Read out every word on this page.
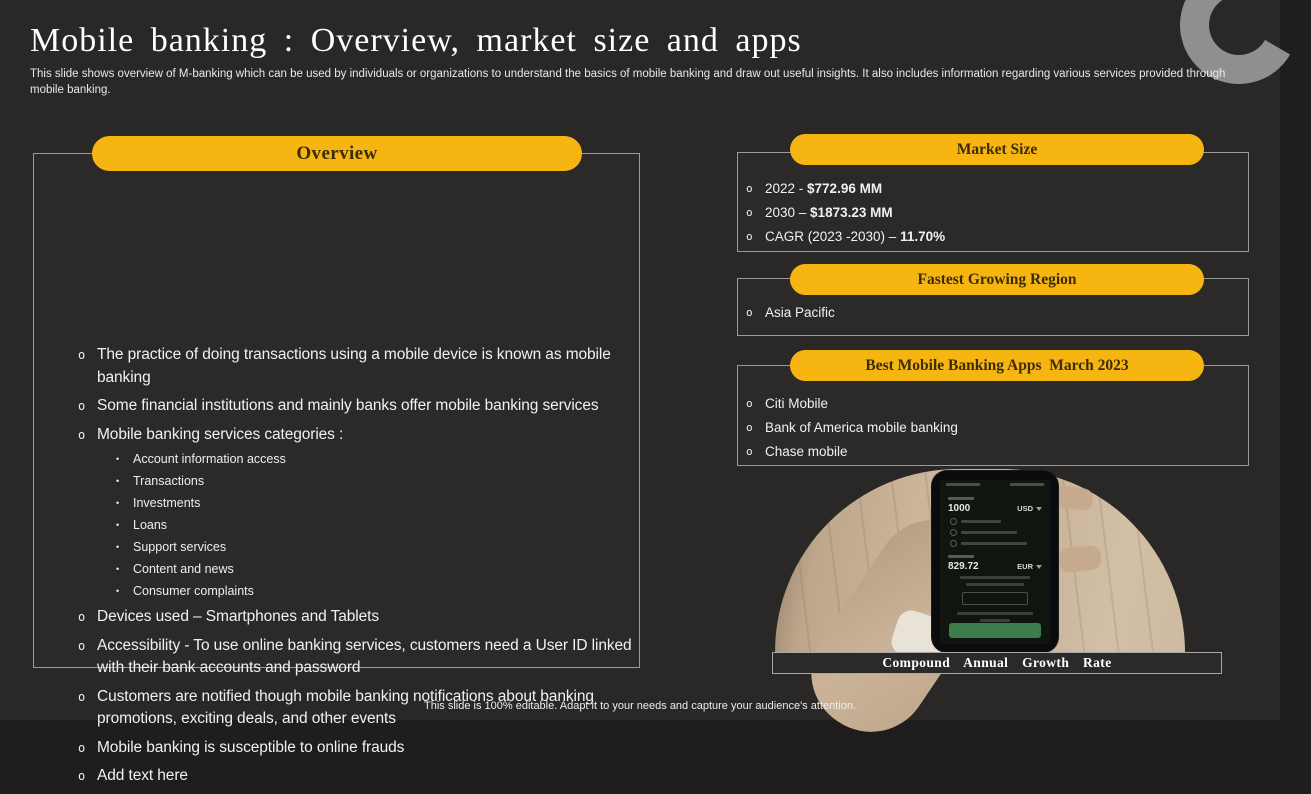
Mobile banking : Overview, market size and apps

This slide shows overview of M-banking which can be used by individuals or organizations to understand the basics of mobile banking and draw out useful insights. It also includes information regarding various services provided through mobile banking.

o The practice of doing transactions using a mobile device is known as mobile banking
o Some financial institutions and mainly banks offer mobile banking services
o Mobile banking services categories :
• Account information access
• Transactions
• Investments
• Loans
• Support services
• Content and news
• Consumer complaints
o Devices used – Smartphones and Tablets
o Accessibility - To use online banking services, customers need a User ID linked with their bank accounts and password
o Customers are notified though mobile banking notifications about banking promotions, exciting deals, and other events
o Mobile banking is susceptible to online frauds
o Add text here
Overview
o 2022 - $772.96 MM
o 2030 – $1873.23 MM
o CAGR (2023 -2030) – 11.70%
Market Size
o Asia Pacific
Fastest Growing Region
o Citi Mobile
o Bank of America mobile banking
o Chase mobile
Best Mobile Banking Apps  March 2023
1000	USD
829.72	EUR
Compound Annual Growth Rate

This slide is 100% editable. Adapt it to your needs and capture your audience's attention.
